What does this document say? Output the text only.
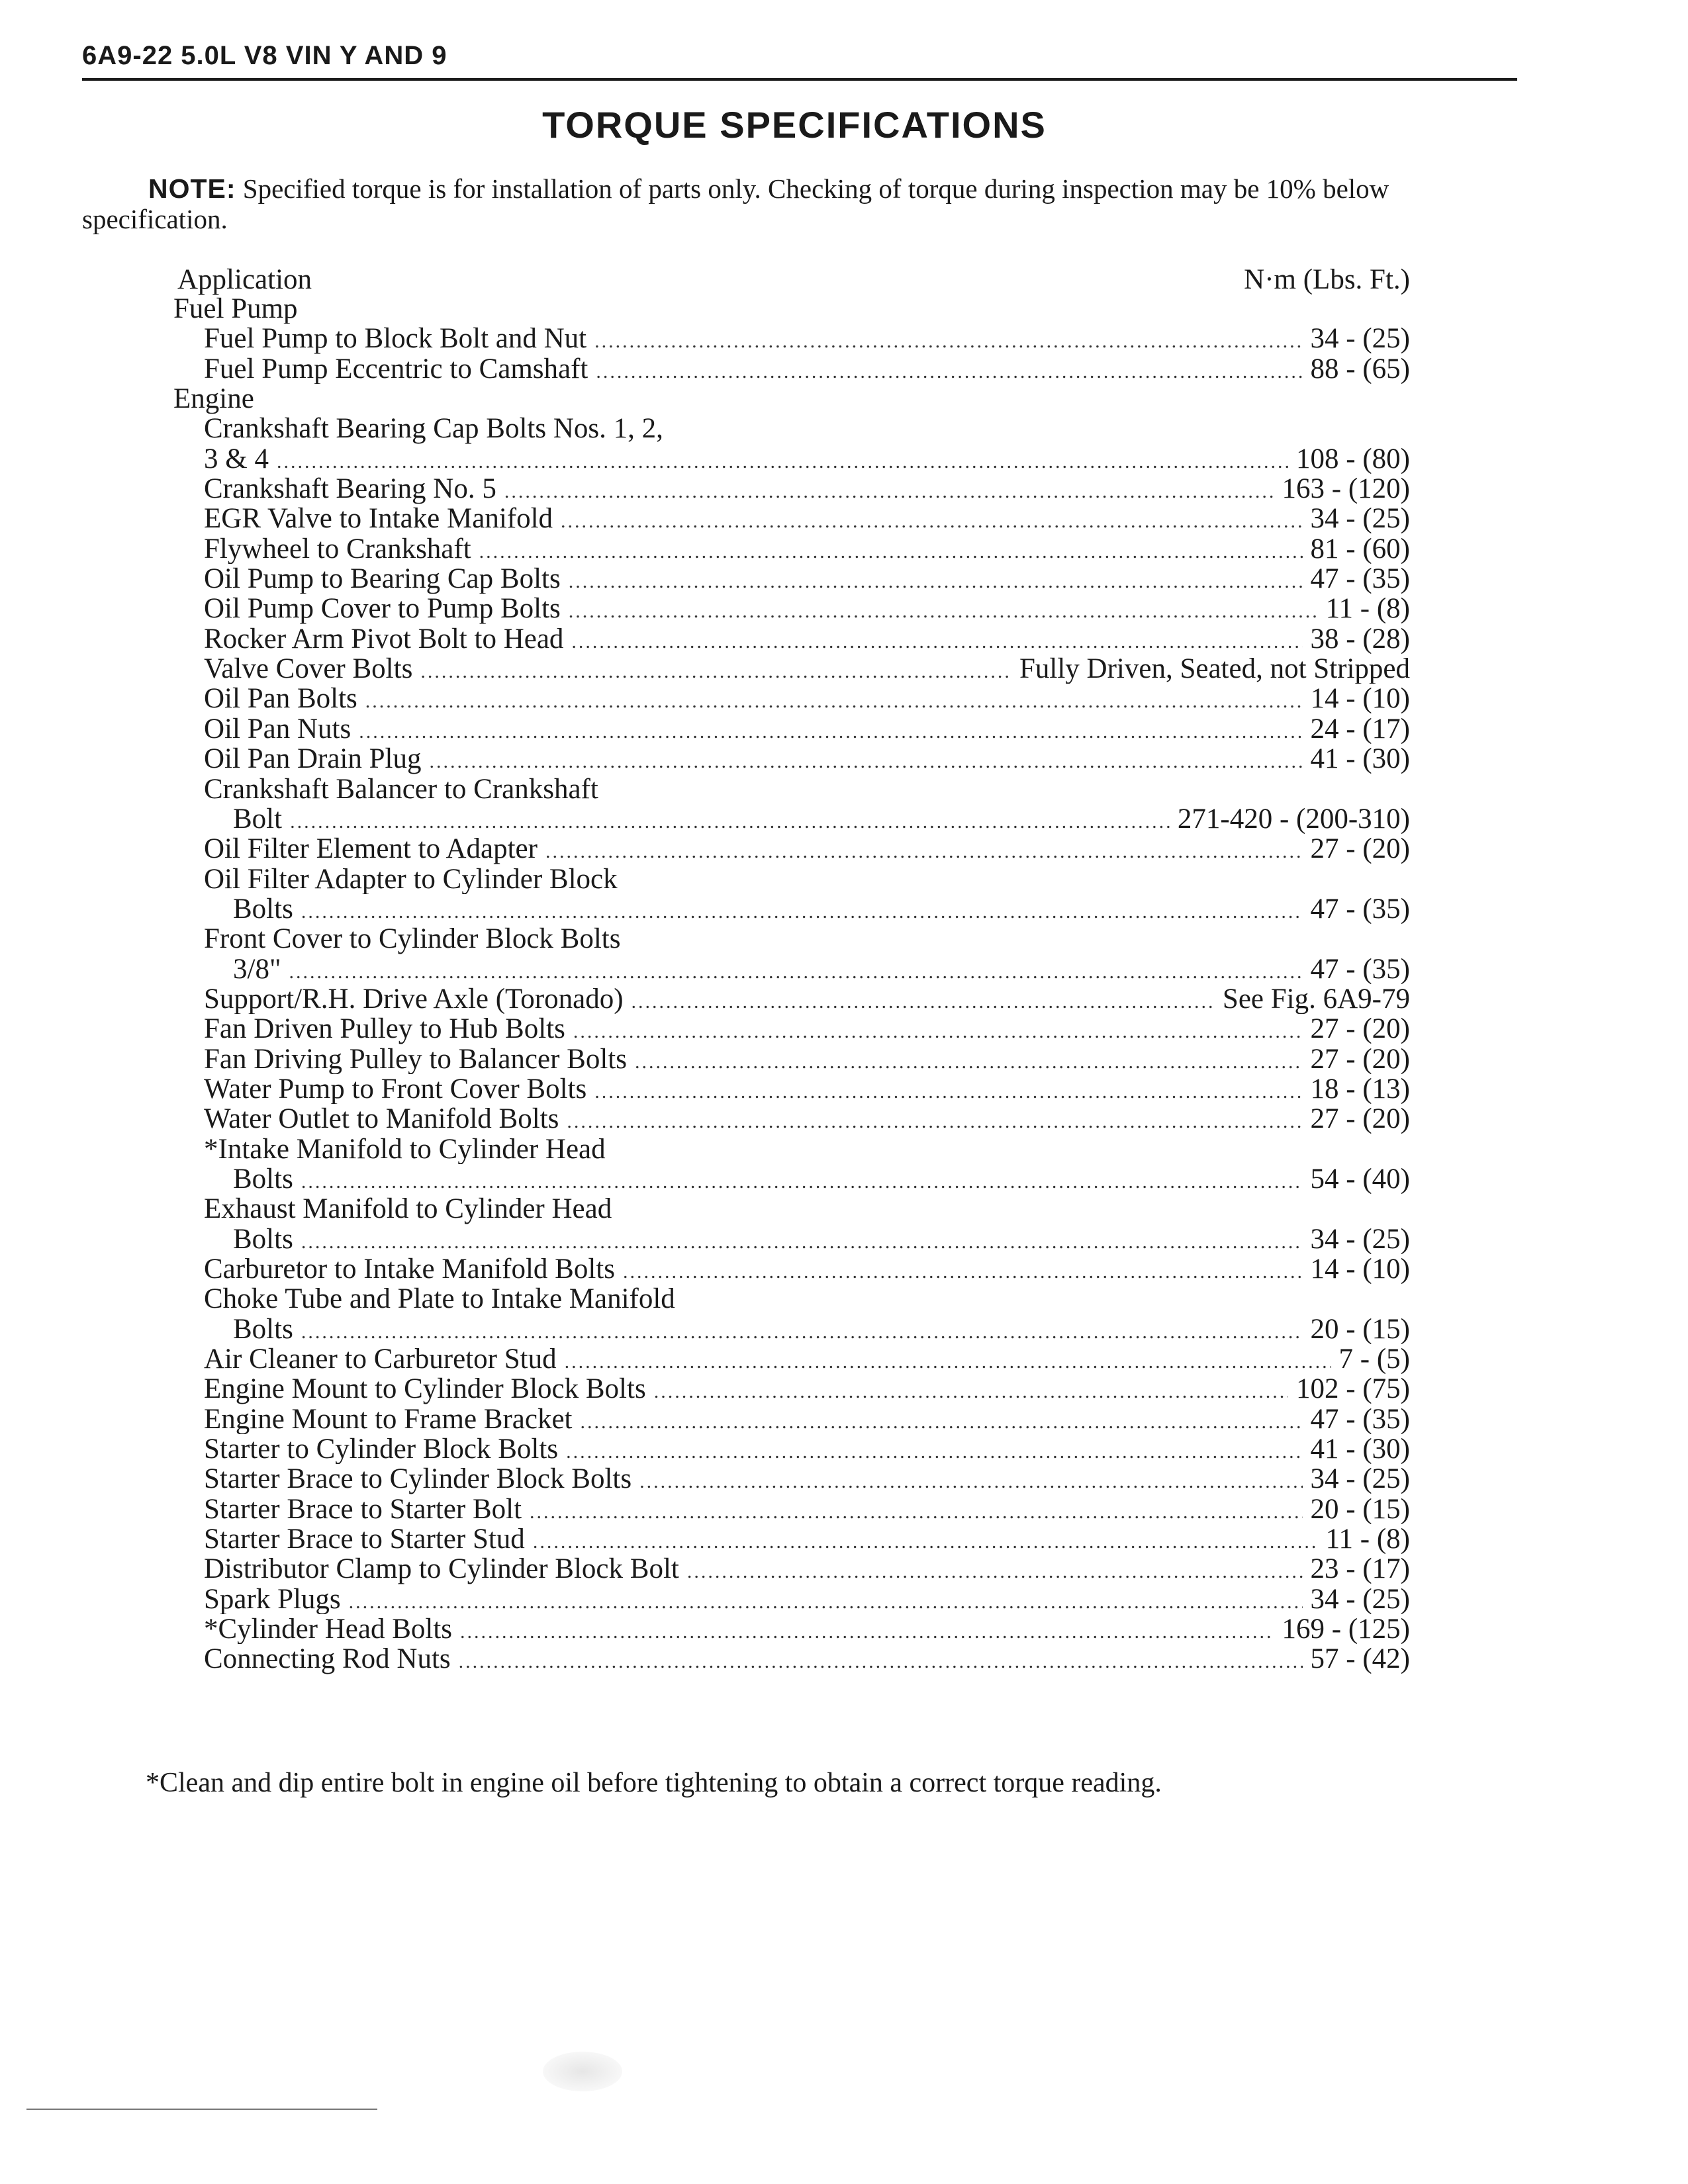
6A9-22 5.0L V8 VIN Y AND 9
TORQUE SPECIFICATIONS
NOTE: Specified torque is for installation of parts only. Checking of torque during inspection may be 10% below specification.
Application	N·m (Lbs. Ft.)
Fuel Pump
Fuel Pump to Block Bolt and Nut .....	34 - (25)
Fuel Pump Eccentric to Camshaft .....	88 - (65)
Engine
Crankshaft Bearing Cap Bolts Nos. 1, 2,
3 & 4 .....	108 - (80)
Crankshaft Bearing No. 5 .....	163 - (120)
EGR Valve to Intake Manifold .....	34 - (25)
Flywheel to Crankshaft .....	81 - (60)
Oil Pump to Bearing Cap Bolts .....	47 - (35)
Oil Pump Cover to Pump Bolts .....	11 - (8)
Rocker Arm Pivot Bolt to Head .....	38 - (28)
Valve Cover Bolts .....	Fully Driven, Seated, not Stripped
Oil Pan Bolts .....	14 - (10)
Oil Pan Nuts .....	24 - (17)
Oil Pan Drain Plug .....	41 - (30)
Crankshaft Balancer to Crankshaft
Bolt .....	271-420 - (200-310)
Oil Filter Element to Adapter .....	27 - (20)
Oil Filter Adapter to Cylinder Block
Bolts .....	47 - (35)
Front Cover to Cylinder Block Bolts
3/8" .....	47 - (35)
Support/R.H. Drive Axle (Toronado) .....	See Fig. 6A9-79
Fan Driven Pulley to Hub Bolts .....	27 - (20)
Fan Driving Pulley to Balancer Bolts .....	27 - (20)
Water Pump to Front Cover Bolts .....	18 - (13)
Water Outlet to Manifold Bolts .....	27 - (20)
*Intake Manifold to Cylinder Head
Bolts .....	54 - (40)
Exhaust Manifold to Cylinder Head
Bolts .....	34 - (25)
Carburetor to Intake Manifold Bolts .....	14 - (10)
Choke Tube and Plate to Intake Manifold
Bolts .....	20 - (15)
Air Cleaner to Carburetor Stud .....	7 - (5)
Engine Mount to Cylinder Block Bolts .....	102 - (75)
Engine Mount to Frame Bracket .....	47 - (35)
Starter to Cylinder Block Bolts .....	41 - (30)
Starter Brace to Cylinder Block Bolts .....	34 - (25)
Starter Brace to Starter Bolt .....	20 - (15)
Starter Brace to Starter Stud .....	11 - (8)
Distributor Clamp to Cylinder Block Bolt .....	23 - (17)
Spark Plugs .....	34 - (25)
*Cylinder Head Bolts .....	169 - (125)
Connecting Rod Nuts .....	57 - (42)
*Clean and dip entire bolt in engine oil before tightening to obtain a correct torque reading.
